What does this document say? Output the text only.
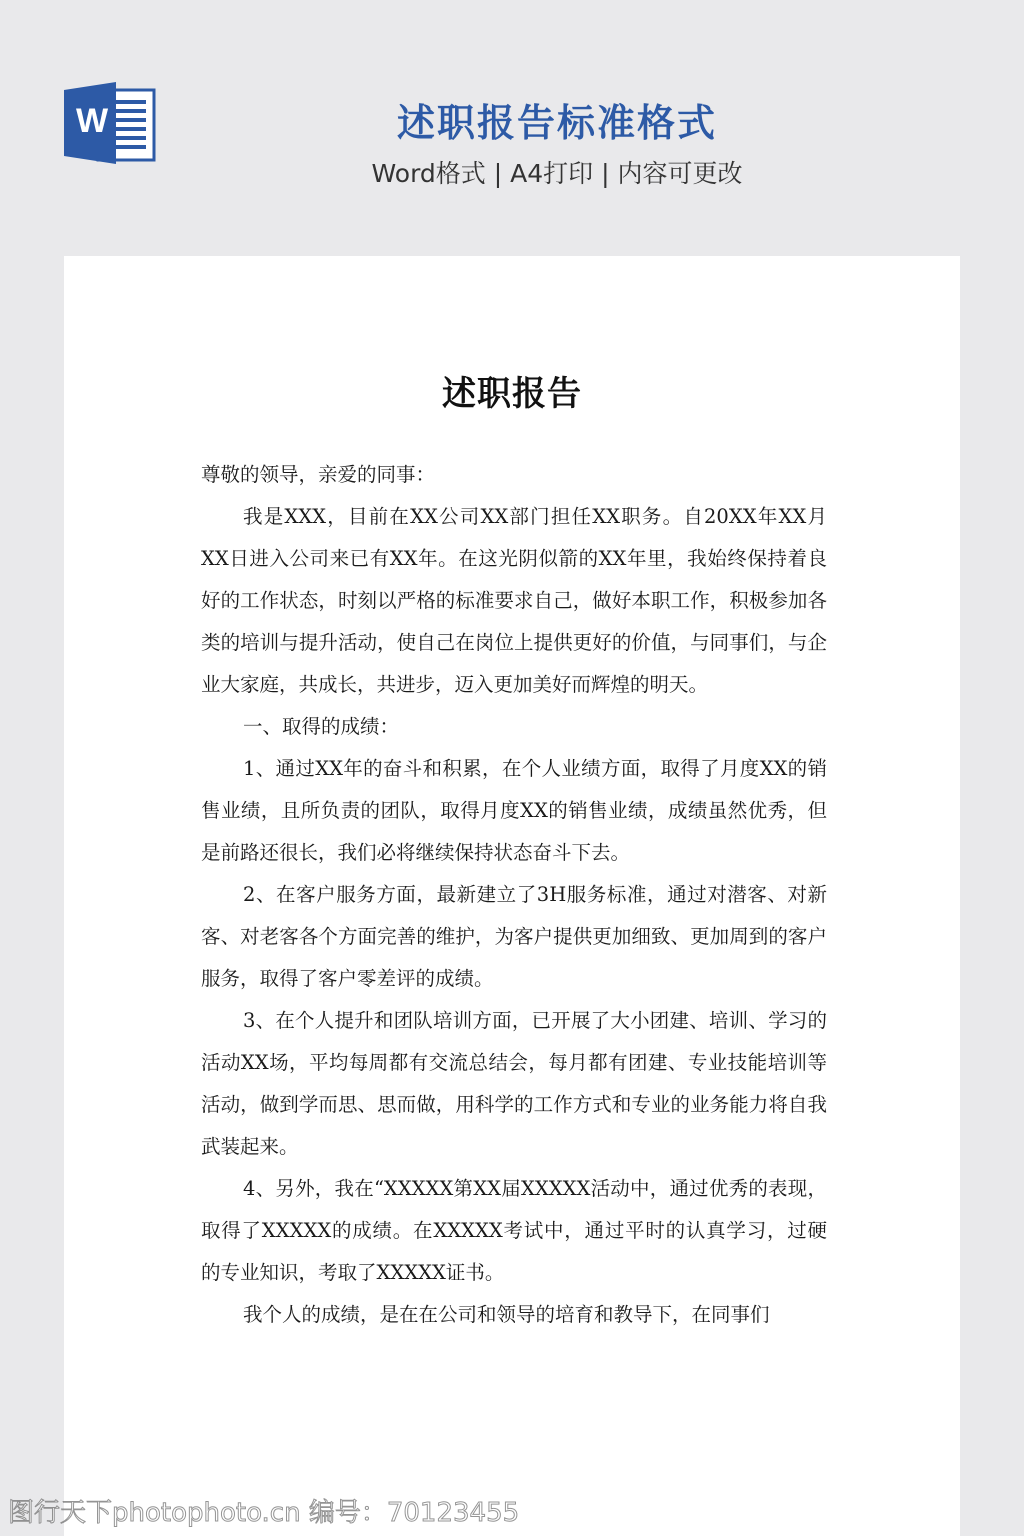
W	述职报告标准格式
Word格式 | A4打印 | 内容可更改
述职报告

尊敬的领导，亲爱的同事：

我是XXX，目前在XX公司XX部门担任XX职务。自20XX年XX月XX日进入公司来已有XX年。在这光阴似箭的XX年里，我始终保持着良好的工作状态，时刻以严格的标准要求自己，做好本职工作，积极参加各类的培训与提升活动，使自己在岗位上提供更好的价值，与同事们，与企业大家庭，共成长，共进步，迈入更加美好而辉煌的明天。

一、取得的成绩：

1、通过XX年的奋斗和积累，在个人业绩方面，取得了月度XX的销售业绩，且所负责的团队，取得月度XX的销售业绩，成绩虽然优秀，但是前路还很长，我们必将继续保持状态奋斗下去。

2、在客户服务方面，最新建立了3H服务标准，通过对潜客、对新客、对老客各个方面完善的维护，为客户提供更加细致、更加周到的客户服务，取得了客户零差评的成绩。

3、在个人提升和团队培训方面，已开展了大小团建、培训、学习的活动XX场，平均每周都有交流总结会，每月都有团建、专业技能培训等活动，做到学而思、思而做，用科学的工作方式和专业的业务能力将自我武装起来。

4、另外，我在“XXXXX第XX届XXXXX活动中，通过优秀的表现，取得了XXXXX的成绩。在XXXXX考试中，通过平时的认真学习，过硬的专业知识，考取了XXXXX证书。

我个人的成绩，是在在公司和领导的培育和教导下，在同事们

图行天下photophoto.cn 编号：70123455
